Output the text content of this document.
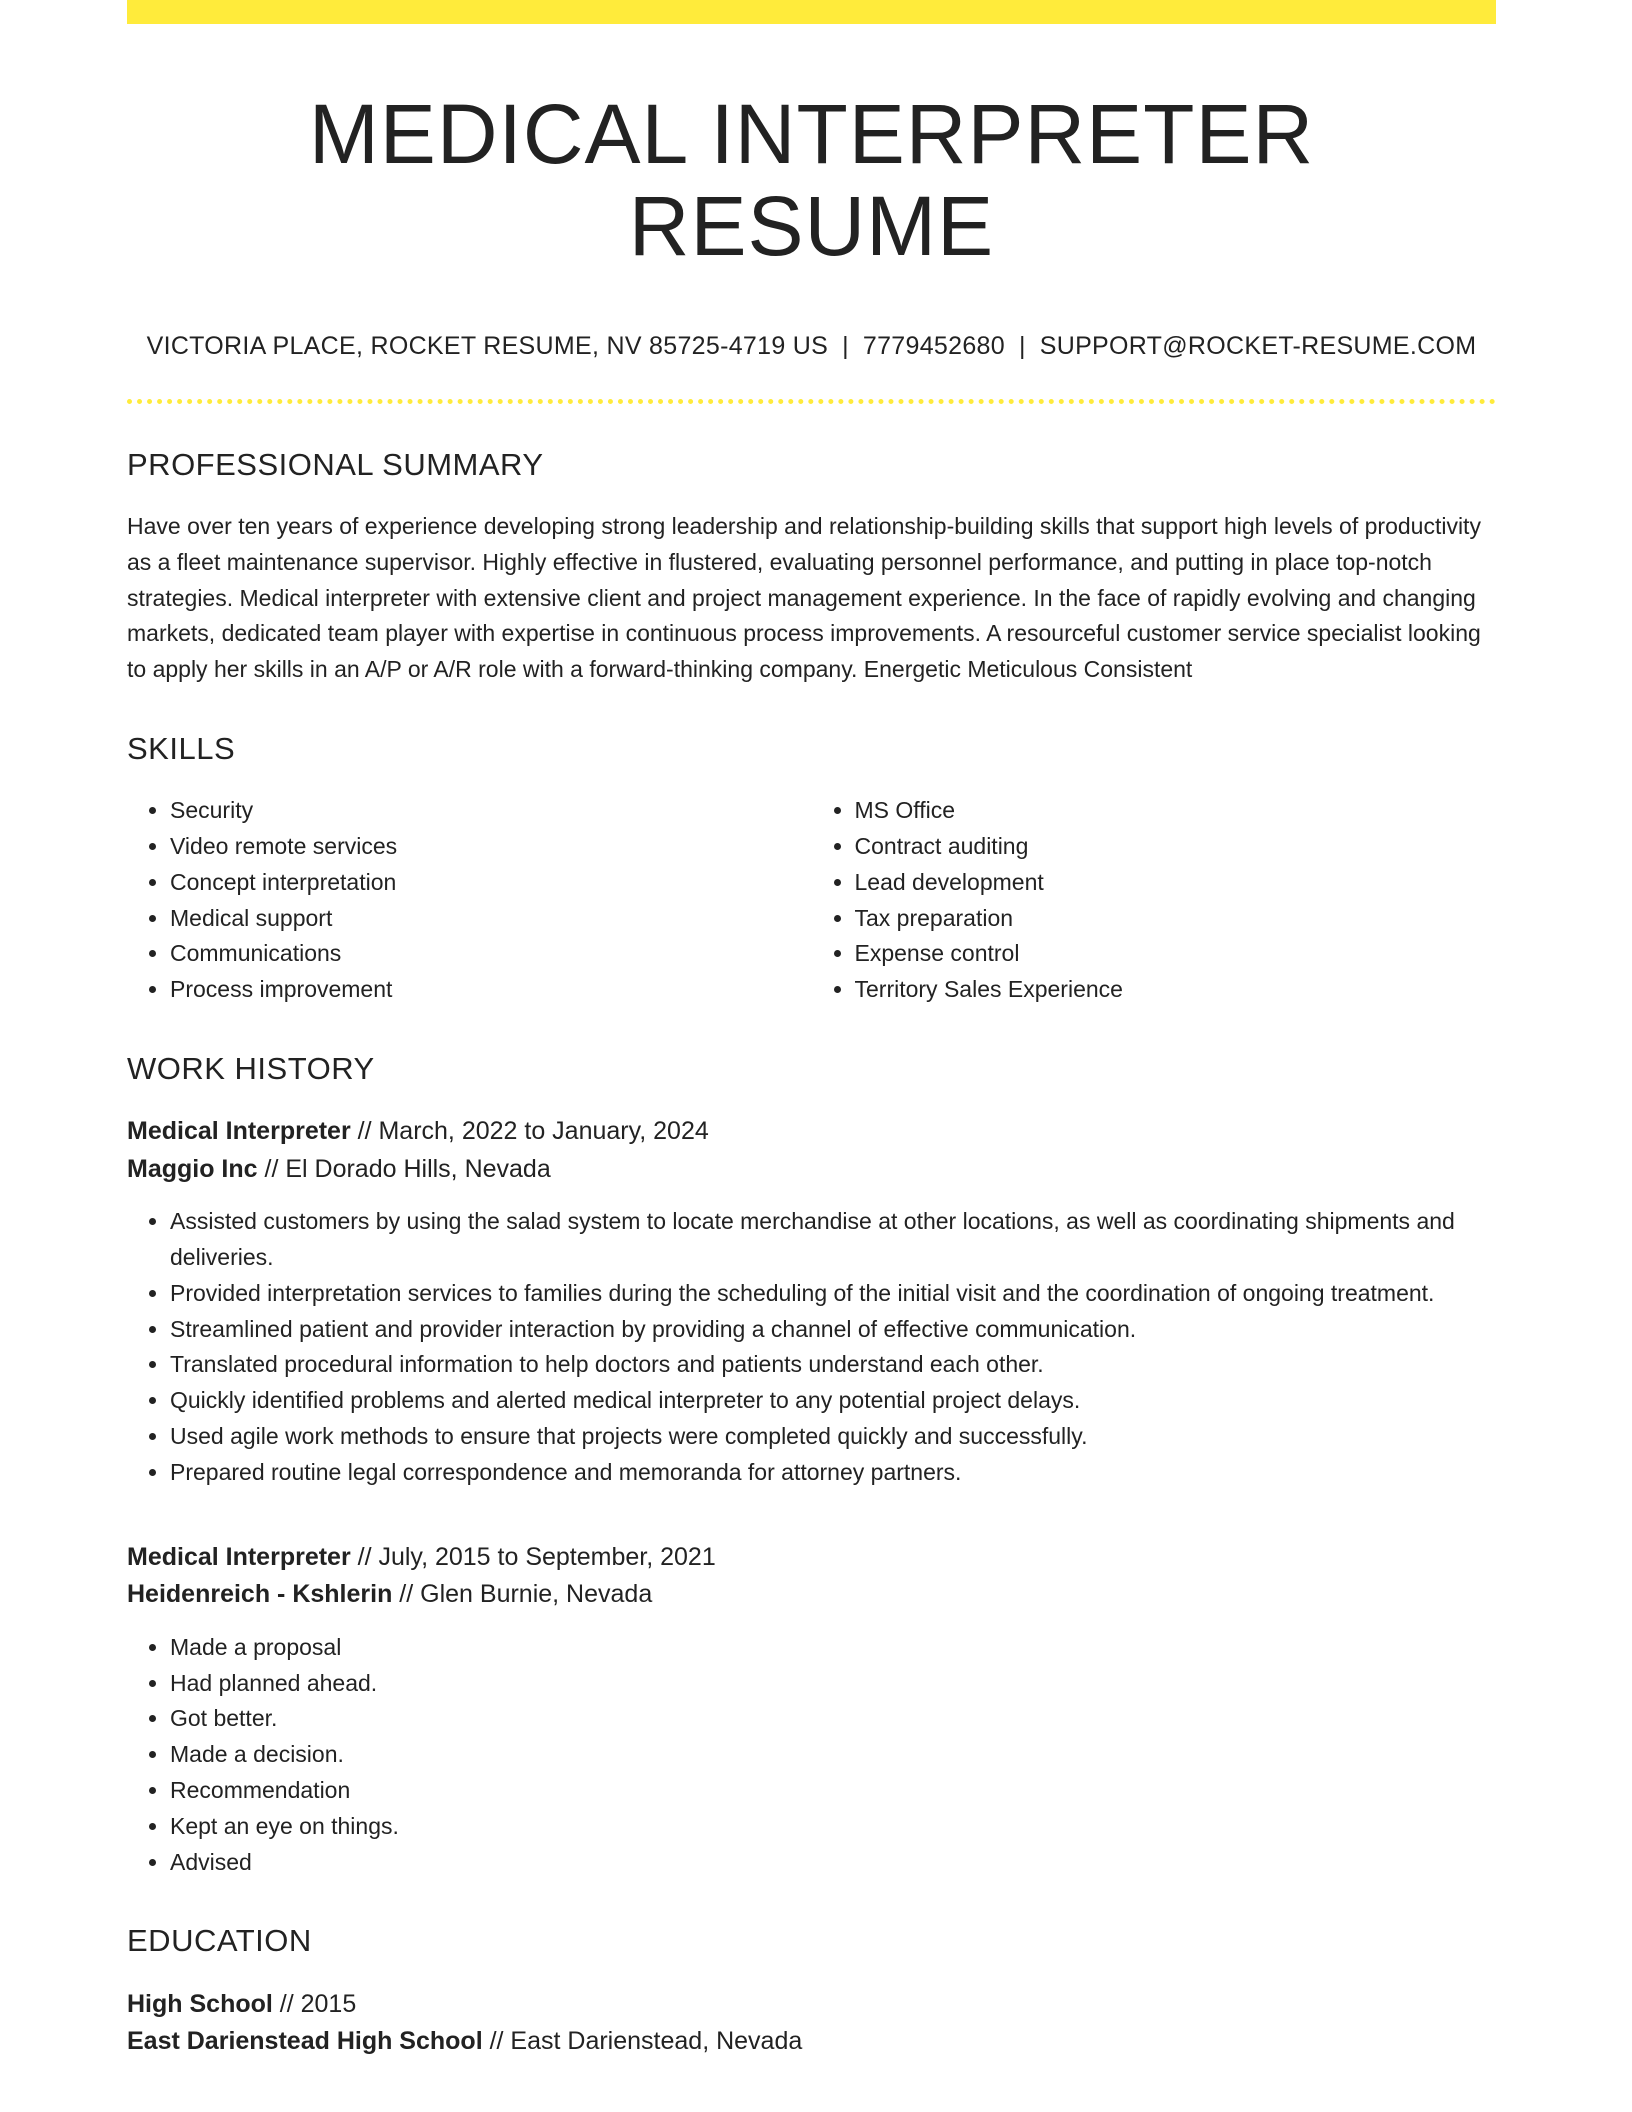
MEDICAL INTERPRETER RESUME
VICTORIA PLACE, ROCKET RESUME, NV 85725-4719 US | 7779452680 | SUPPORT@ROCKET-RESUME.COM
PROFESSIONAL SUMMARY

Have over ten years of experience developing strong leadership and relationship-building skills that support high levels of productivity as a fleet maintenance supervisor. Highly effective in flustered, evaluating personnel performance, and putting in place top-notch strategies. Medical interpreter with extensive client and project management experience. In the face of rapidly evolving and changing markets, dedicated team player with expertise in continuous process improvements. A resourceful customer service specialist looking to apply her skills in an A/P or A/R role with a forward-thinking company. Energetic Meticulous Consistent

SKILLS
• Security
• Video remote services
• Concept interpretation
• Medical support
• Communications
• Process improvement
• MS Office
• Contract auditing
• Lead development
• Tax preparation
• Expense control
• Territory Sales Experience
WORK HISTORY
Medical Interpreter // March, 2022 to January, 2024
Maggio Inc // El Dorado Hills, Nevada
• Assisted customers by using the salad system to locate merchandise at other locations, as well as coordinating shipments and deliveries.
• Provided interpretation services to families during the scheduling of the initial visit and the coordination of ongoing treatment.
• Streamlined patient and provider interaction by providing a channel of effective communication.
• Translated procedural information to help doctors and patients understand each other.
• Quickly identified problems and alerted medical interpreter to any potential project delays.
• Used agile work methods to ensure that projects were completed quickly and successfully.
• Prepared routine legal correspondence and memoranda for attorney partners.
Medical Interpreter // July, 2015 to September, 2021
Heidenreich - Kshlerin // Glen Burnie, Nevada
• Made a proposal
• Had planned ahead.
• Got better.
• Made a decision.
• Recommendation
• Kept an eye on things.
• Advised
EDUCATION
High School // 2015
East Darienstead High School // East Darienstead, Nevada
